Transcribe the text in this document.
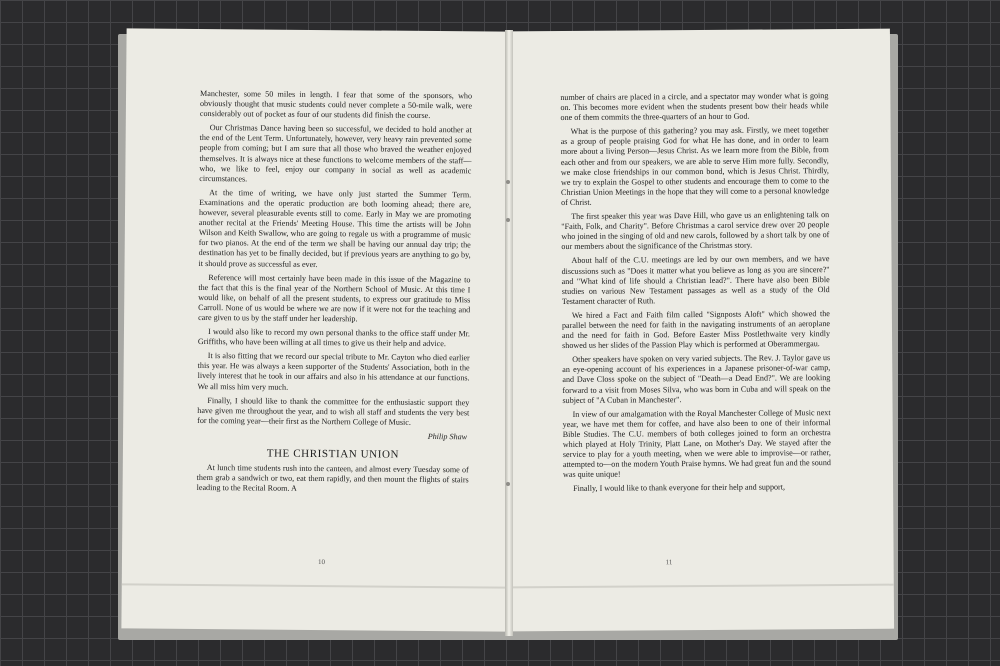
Manchester, some 50 miles in length. I fear that some of the sponsors, who obviously thought that music students could never complete a 50-mile walk, were considerably out of pocket as four of our students did finish the course.

Our Christmas Dance having been so successful, we decided to hold another at the end of the Lent Term. Unfortunately, however, very heavy rain prevented some people from coming; but I am sure that all those who braved the weather enjoyed themselves. It is always nice at these functions to welcome members of the staff—who, we like to feel, enjoy our company in social as well as academic circumstances.

At the time of writing, we have only just started the Summer Term. Examinations and the operatic production are both looming ahead; there are, however, several pleasurable events still to come. Early in May we are promoting another recital at the Friends' Meeting House. This time the artists will be John Wilson and Keith Swallow, who are going to regale us with a programme of music for two pianos. At the end of the term we shall be having our annual day trip; the destination has yet to be finally decided, but if previous years are anything to go by, it should prove as successful as ever.

Reference will most certainly have been made in this issue of the Magazine to the fact that this is the final year of the Northern School of Music. At this time I would like, on behalf of all the present students, to express our gratitude to Miss Carroll. None of us would be where we are now if it were not for the teaching and care given to us by the staff under her leadership.

I would also like to record my own personal thanks to the office staff under Mr. Griffiths, who have been willing at all times to give us their help and advice.

It is also fitting that we record our special tribute to Mr. Cayton who died earlier this year. He was always a keen supporter of the Students' Association, both in the lively interest that he took in our affairs and also in his attendance at our functions. We all miss him very much.

Finally, I should like to thank the committee for the enthusiastic support they have given me throughout the year, and to wish all staff and students the very best for the coming year—their first as the Northern College of Music.

Philip Shaw
THE CHRISTIAN UNION

At lunch time students rush into the canteen, and almost every Tuesday some of them grab a sandwich or two, eat them rapidly, and then mount the flights of stairs leading to the Recital Room. A

10

number of chairs are placed in a circle, and a spectator may wonder what is going on. This becomes more evident when the students present bow their heads while one of them commits the three-quarters of an hour to God.

What is the purpose of this gathering? you may ask. Firstly, we meet together as a group of people praising God for what He has done, and in order to learn more about a living Person—Jesus Christ. As we learn more from the Bible, from each other and from our speakers, we are able to serve Him more fully. Secondly, we make close friendships in our common bond, which is Jesus Christ. Thirdly, we try to explain the Gospel to other students and encourage them to come to the Christian Union Meetings in the hope that they will come to a personal knowledge of Christ.

The first speaker this year was Dave Hill, who gave us an enlightening talk on "Faith, Folk, and Charity". Before Christmas a carol service drew over 20 people who joined in the singing of old and new carols, followed by a short talk by one of our members about the significance of the Christmas story.

About half of the C.U. meetings are led by our own members, and we have discussions such as "Does it matter what you believe as long as you are sincere?" and "What kind of life should a Christian lead?". There have also been Bible studies on various New Testament passages as well as a study of the Old Testament character of Ruth.

We hired a Fact and Faith film called "Signposts Aloft" which showed the parallel between the need for faith in the navigating instruments of an aeroplane and the need for faith in God. Before Easter Miss Postlethwaite very kindly showed us her slides of the Passion Play which is performed at Oberammergau.

Other speakers have spoken on very varied subjects. The Rev. J. Taylor gave us an eye-opening account of his experiences in a Japanese prisoner-of-war camp, and Dave Closs spoke on the subject of "Death—a Dead End?". We are looking forward to a visit from Moses Silva, who was born in Cuba and will speak on the subject of "A Cuban in Manchester".

In view of our amalgamation with the Royal Manchester College of Music next year, we have met them for coffee, and have also been to one of their informal Bible Studies. The C.U. members of both colleges joined to form an orchestra which played at Holy Trinity, Platt Lane, on Mother's Day. We stayed after the service to play for a youth meeting, when we were able to improvise—or rather, attempted to—on the modern Youth Praise hymns. We had great fun and the sound was quite unique!

Finally, I would like to thank everyone for their help and support,

11
